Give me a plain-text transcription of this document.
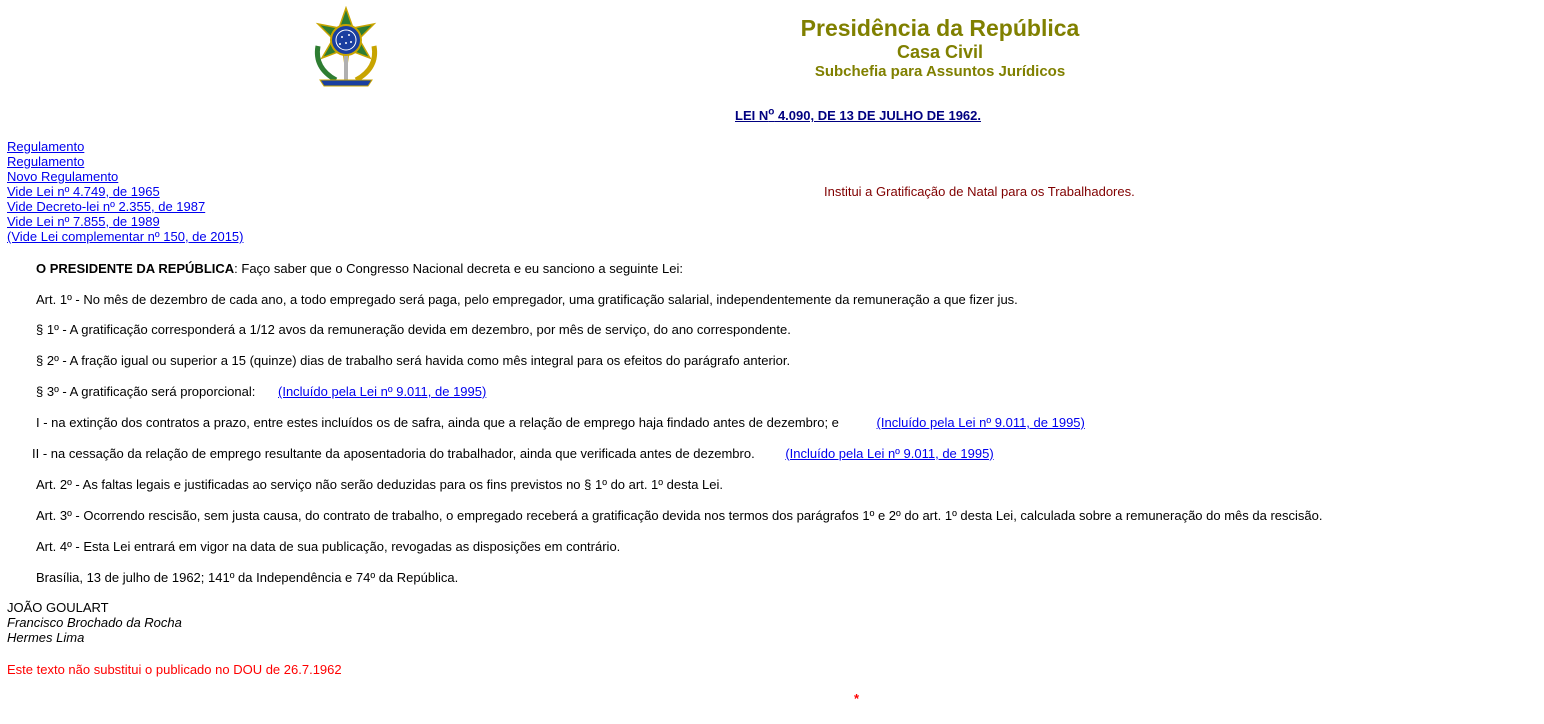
Presidência da República
Casa Civil
Subchefia para Assuntos Jurídicos
LEI N$^o$ 4.090, DE 13 DE JULHO DE 1962.
Regulamento
Regulamento
Novo Regulamento
Vide Lei nº 4.749, de 1965
Vide Decreto-lei nº 2.355, de 1987
Vide Lei nº 7.855, de 1989
(Vide Lei complementar nº 150, de 2015)
Institui a Gratificação de Natal para os Trabalhadores.
O PRESIDENTE DA REPÚBLICA: Faço saber que o Congresso Nacional decreta e eu sanciono a seguinte Lei:
Art. 1º - No mês de dezembro de cada ano, a todo empregado será paga, pelo empregador, uma gratificação salarial, independentemente da remuneração a que fizer jus.
§ 1º - A gratificação corresponderá a 1/12 avos da remuneração devida em dezembro, por mês de serviço, do ano correspondente.
§ 2º - A fração igual ou superior a 15 (quinze) dias de trabalho será havida como mês integral para os efeitos do parágrafo anterior.
§ 3º - A gratificação será proporcional: (Incluído pela Lei nº 9.011, de 1995)
I - na extinção dos contratos a prazo, entre estes incluídos os de safra, ainda que a relação de emprego haja findado antes de dezembro; e	(Incluído pela Lei nº 9.011, de 1995)
II - na cessação da relação de emprego resultante da aposentadoria do trabalhador, ainda que verificada antes de dezembro. (Incluído pela Lei nº 9.011, de 1995)
Art. 2º - As faltas legais e justificadas ao serviço não serão deduzidas para os fins previstos no § 1º do art. 1º desta Lei.
Art. 3º - Ocorrendo rescisão, sem justa causa, do contrato de trabalho, o empregado receberá a gratificação devida nos termos dos parágrafos 1º e 2º do art. 1º desta Lei, calculada sobre a remuneração do mês da rescisão.
Art. 4º - Esta Lei entrará em vigor na data de sua publicação, revogadas as disposições em contrário.
Brasília, 13 de julho de 1962; 141º da Independência e 74º da República.
JOÃO GOULART
Francisco Brochado da Rocha
Hermes Lima
Este texto não substitui o publicado no DOU de 26.7.1962
*
